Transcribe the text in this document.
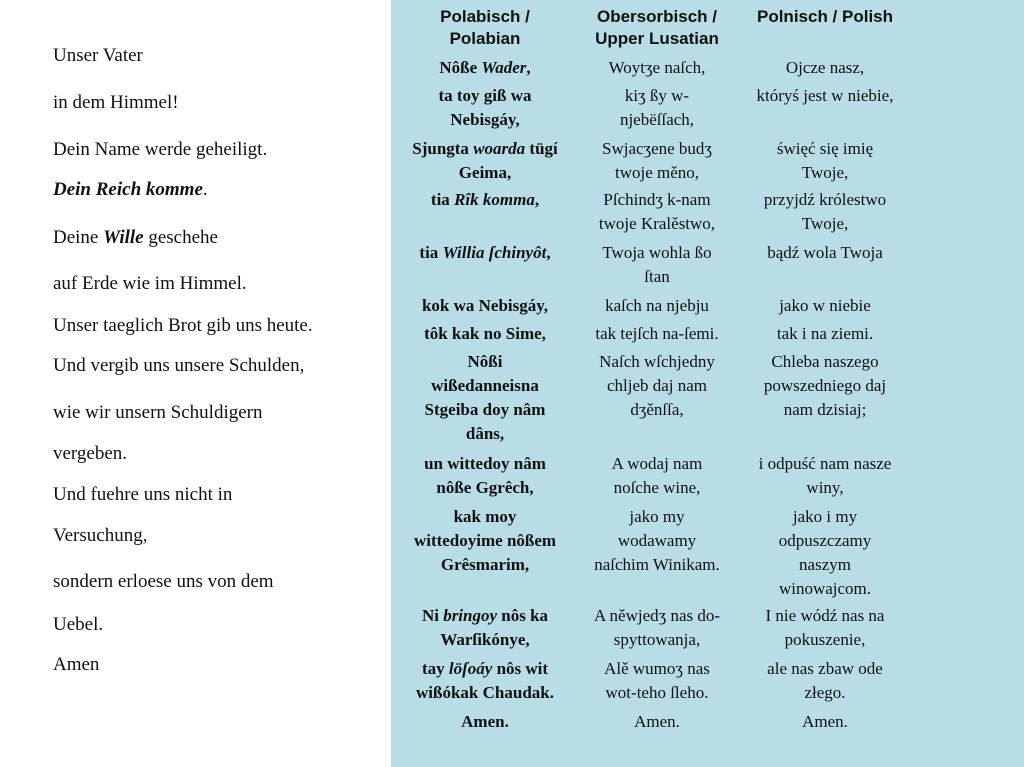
Unser Vater
in dem Himmel!
Dein Name werde geheiligt.
Dein Reich komme.
Deine Wille geschehe
auf Erde wie im Himmel.
Unser taeglich Brot gib uns heute.
Und vergib uns unsere Schulden,
wie wir unsern Schuldigern
vergeben.
Und fuehre uns nicht in
Versuchung,
sondern erloese uns von dem
Uebel.
Amen
Polabisch /
Polabian
Nôße Wader,
ta toy giß wa
Nebisgáy,
Sjungta woarda tügí
Geima,
tia Rîk komma,
tia Willia ſchinyôt,
kok wa Nebisgáy,
tôk kak no Sime,
Nôßi
wißedanneisna
Stgeiba doy nâm
dâns,
un wittedoy nâm
nôße Ggrêch,
kak moy
wittedoyime nôßem
Grêsmarim,
Ni bringoy nôs ka
Warſikónye,
tay löſoáy nôs wit
wißókak Chaudak.
Amen.
Obersorbisch /
Upper Lusatian
Woytʒe naſch,
kiʒ ßy w-
njebëſſach,
Swjacʒene budʒ
twoje měno,
Pſchindʒ k-nam
twoje Kralěstwo,
Twoja wohla ßo
ſtan
kaſch na njebju
tak tejſch na-ſemi.
Naſch wſchjedny
chljeb daj nam
dʒěnſſa,
A wodaj nam
noſche wine,
jako my
wodawamy
naſchim Winikam.
A něwjedʒ nas do-
spyttowanja,
Alě wumoʒ nas
wot-teho ſleho.
Amen.
Polnisch / Polish
Ojcze nasz,
któryś jest w niebie,
święć się imię
Twoje,
przyjdź królestwo
Twoje,
bądź wola Twoja
jako w niebie
tak i na ziemi.
Chleba naszego
powszedniego daj
nam dzisiaj;
i odpuść nam nasze
winy,
jako i my
odpuszczamy
naszym
winowajcom.
I nie wódź nas na
pokuszenie,
ale nas zbaw ode
złego.
Amen.
